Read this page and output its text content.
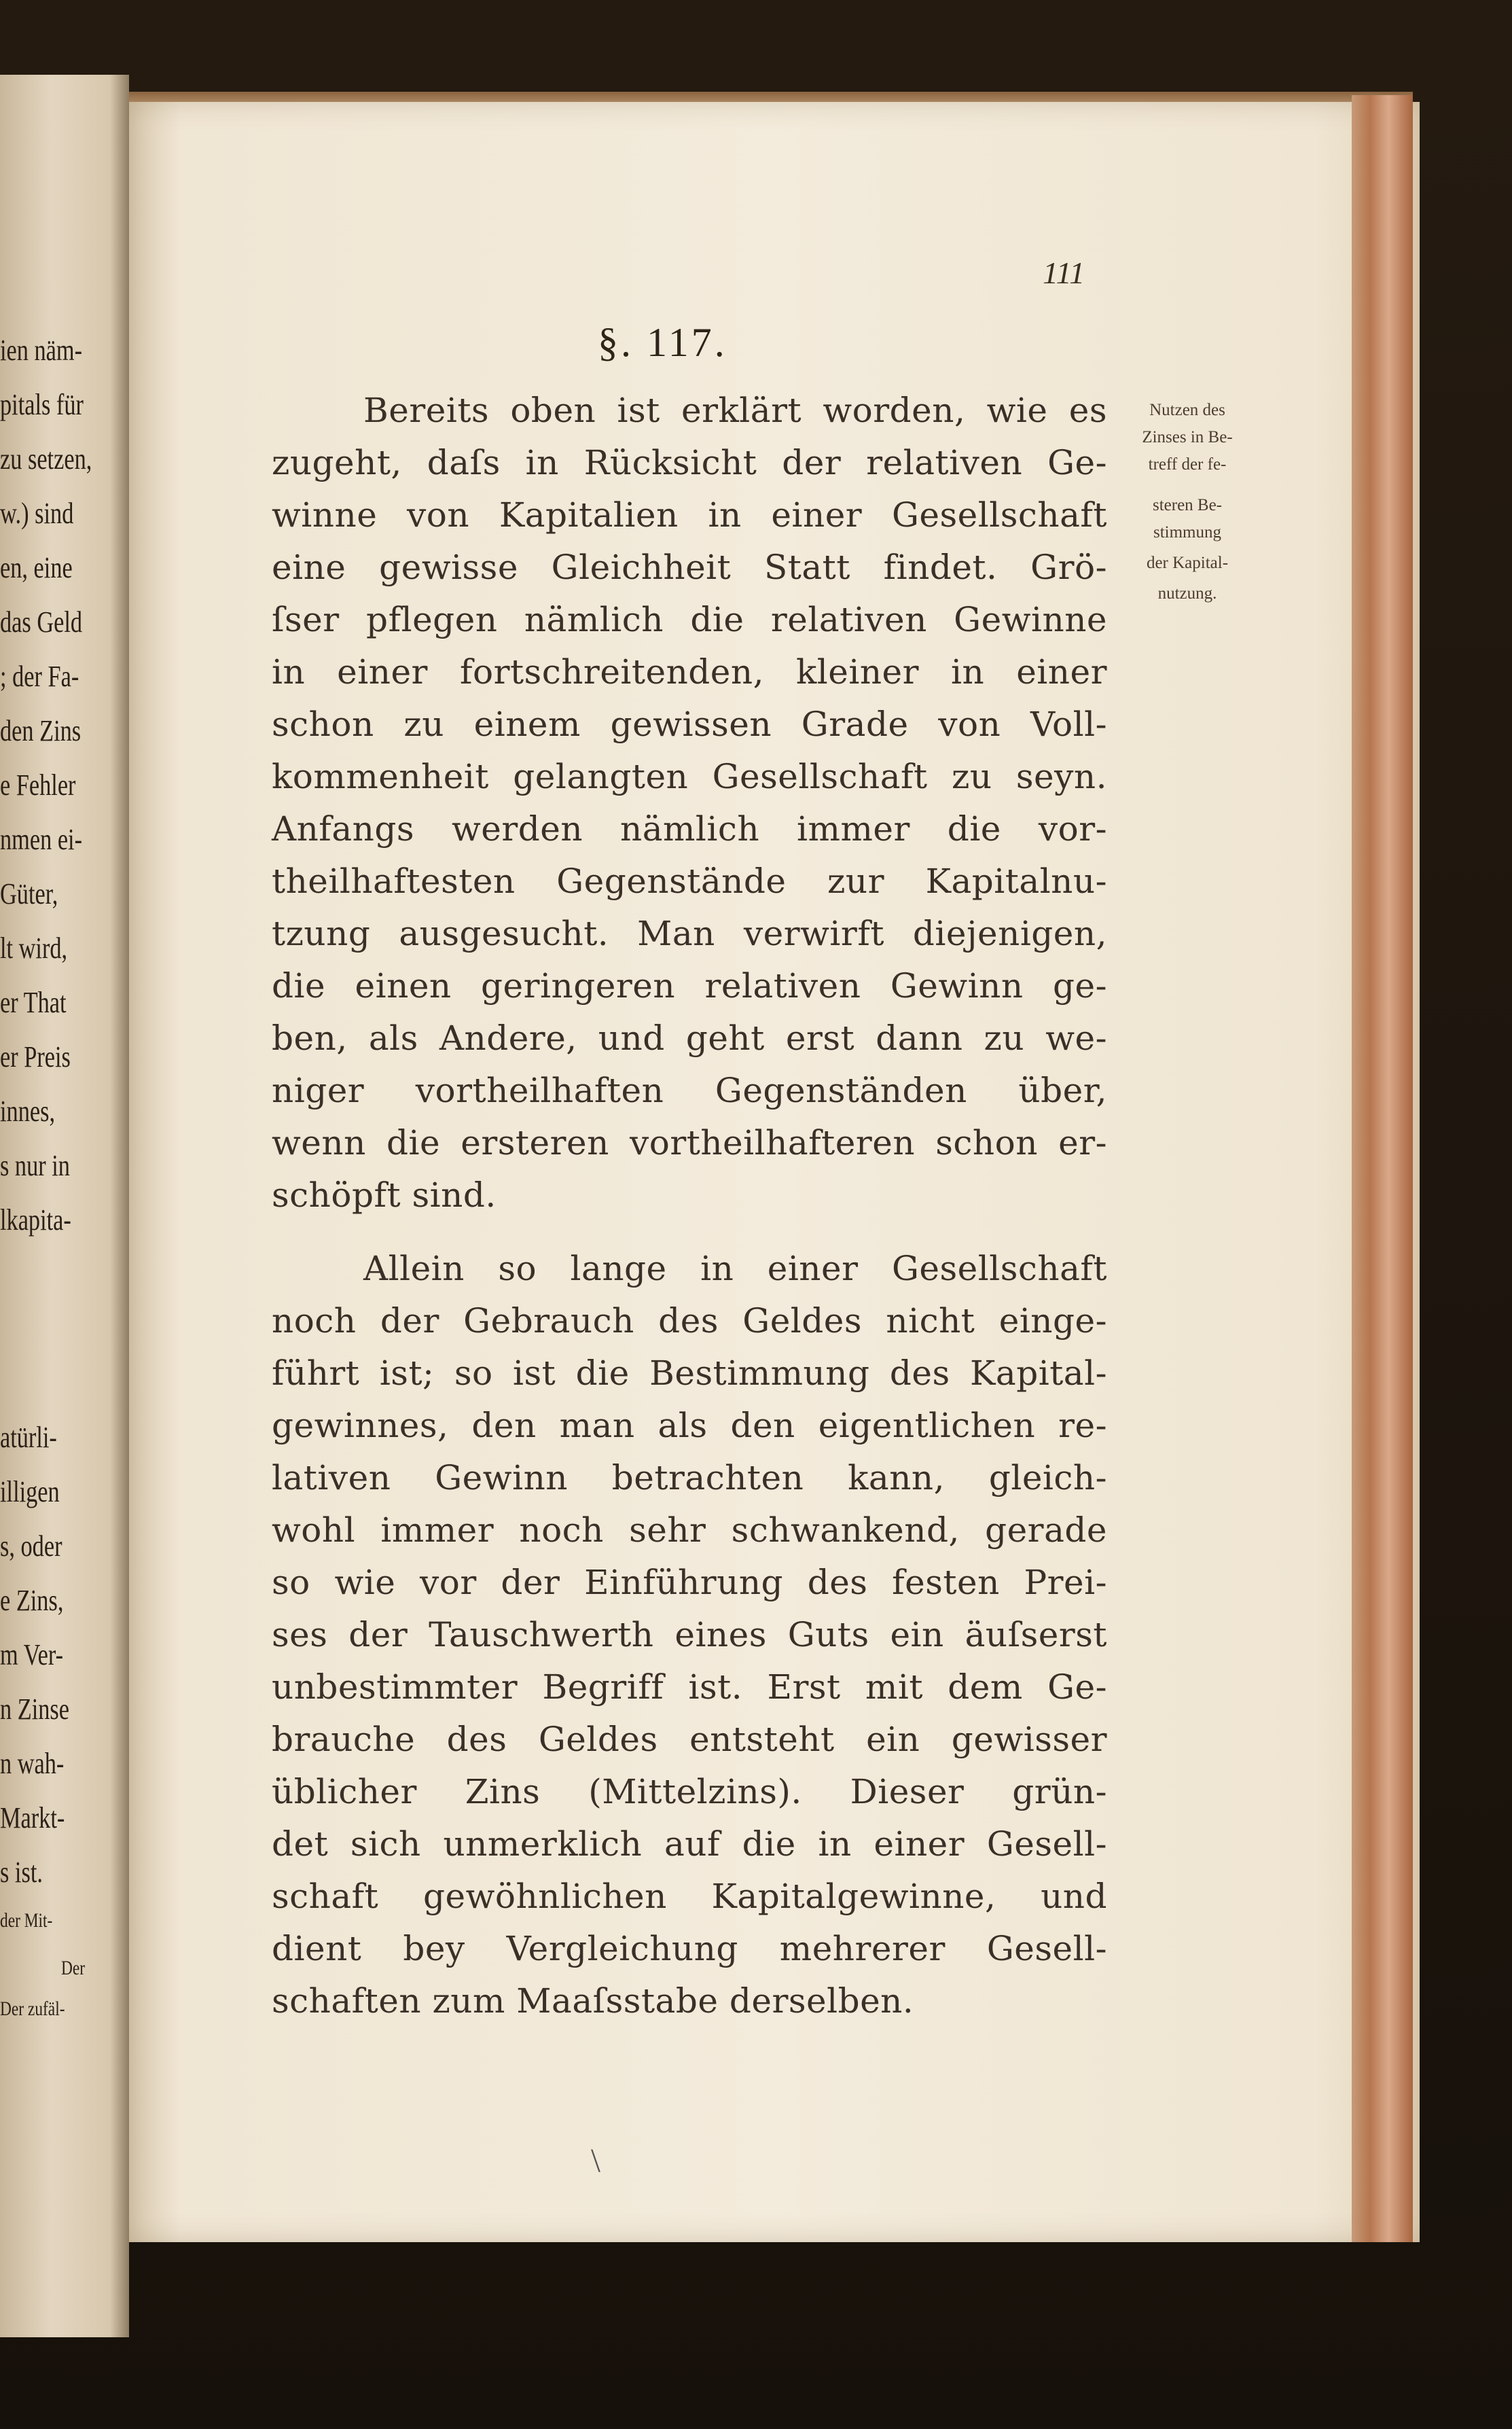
ien näm-
pitals für
zu setzen,
w.) sind
en, eine
das Geld
; der Fa-
den Zins
e Fehler
nmen ei-
Güter,
lt wird,
er That
er Preis
innes,
s nur in
lkapita-
atürli-
illigen
s, oder
e Zins,
m Ver-
n Zinse
n wah-
Markt-
s ist.
der Mit-
Der
Der zufäl-
111
§. 117.
Bereits oben ist erklärt worden, wie es
zugeht, daſs in Rücksicht der relativen Ge-
winne von Kapitalien in einer Gesellschaft
eine gewisse Gleichheit Statt findet. Grö-
ſser pflegen nämlich die relativen Gewinne
in einer fortschreitenden, kleiner in einer
schon zu einem gewissen Grade von Voll-
kommenheit gelangten Gesellschaft zu seyn.
Anfangs werden nämlich immer die vor-
theilhaftesten Gegenstände zur Kapitalnu-
tzung ausgesucht. Man verwirft diejenigen,
die einen geringeren relativen Gewinn ge-
ben, als Andere, und geht erst dann zu we-
niger vortheilhaften Gegenständen über,
wenn die ersteren vortheilhafteren schon er-
schöpft sind.
Allein so lange in einer Gesellschaft
noch der Gebrauch des Geldes nicht einge-
führt ist; so ist die Bestimmung des Kapital-
gewinnes, den man als den eigentlichen re-
lativen Gewinn betrachten kann, gleich-
wohl immer noch sehr schwankend, gerade
so wie vor der Einführung des festen Prei-
ses der Tauschwerth eines Guts ein äuſserst
unbestimmter Begriff ist. Erst mit dem Ge-
brauche des Geldes entsteht ein gewisser
üblicher Zins (Mittelzins). Dieser grün-
det sich unmerklich auf die in einer Gesell-
schaft gewöhnlichen Kapitalgewinne, und
dient bey Vergleichung mehrerer Gesell-
schaften zum Maaſsstabe derselben.
Nutzen des
Zinses in Be-
treff der fe-
steren Be-
stimmung
der Kapital-
nutzung.
\
